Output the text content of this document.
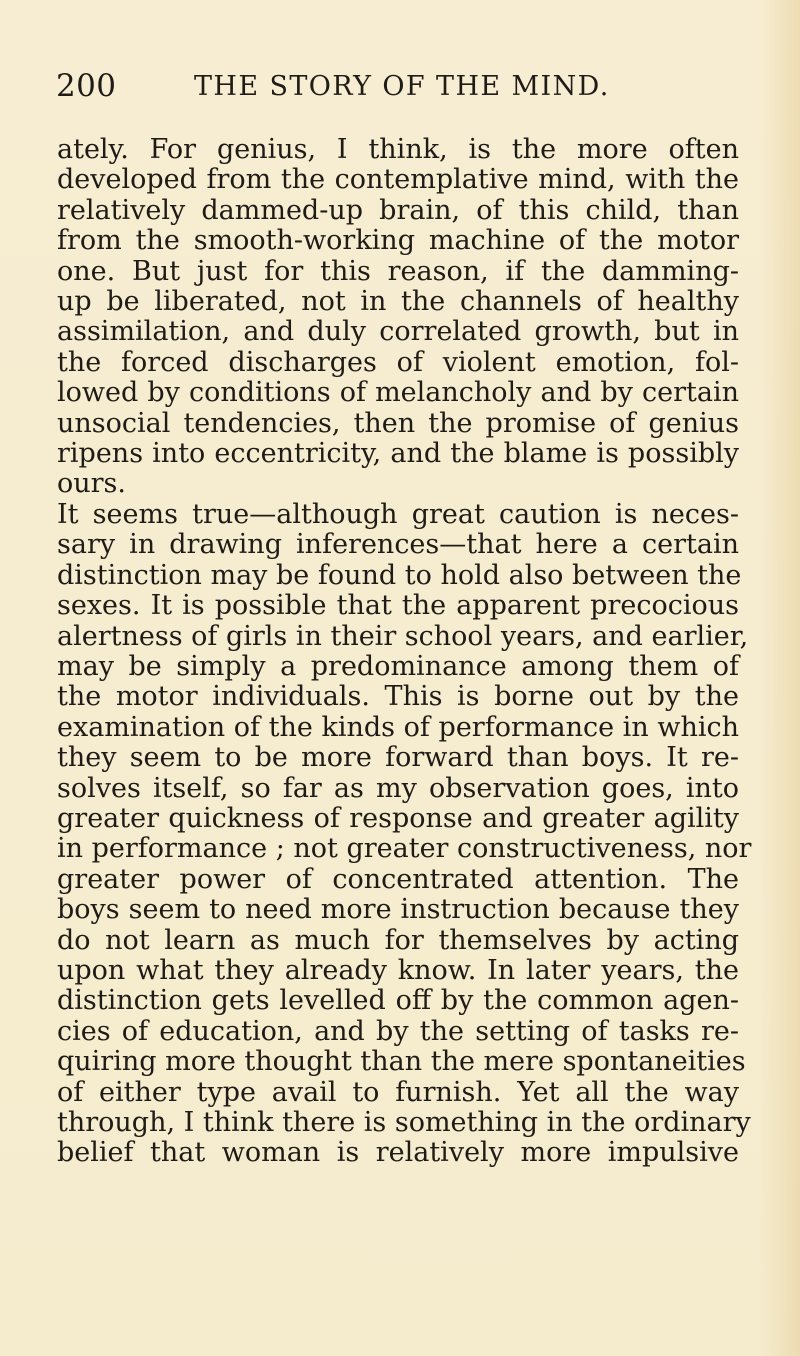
200	THE STORY OF THE MIND.
ately. For genius, I think, is the more often
developed from the contemplative mind, with the
relatively dammed-up brain, of this child, than
from the smooth-working machine of the motor
one. But just for this reason, if the damming-
up be liberated, not in the channels of healthy
assimilation, and duly correlated growth, but in
the forced discharges of violent emotion, fol-
lowed by conditions of melancholy and by certain
unsocial tendencies, then the promise of genius
ripens into eccentricity, and the blame is possibly
ours.
It seems true—although great caution is neces-
sary in drawing inferences—that here a certain
distinction may be found to hold also between the
sexes. It is possible that the apparent precocious
alertness of girls in their school years, and earlier,
may be simply a predominance among them of
the motor individuals. This is borne out by the
examination of the kinds of performance in which
they seem to be more forward than boys. It re-
solves itself, so far as my observation goes, into
greater quickness of response and greater agility
in performance ; not greater constructiveness, nor
greater power of concentrated attention. The
boys seem to need more instruction because they
do not learn as much for themselves by acting
upon what they already know. In later years, the
distinction gets levelled off by the common agen-
cies of education, and by the setting of tasks re-
quiring more thought than the mere spontaneities
of either type avail to furnish. Yet all the way
through, I think there is something in the ordinary
belief that woman is relatively more impulsive
